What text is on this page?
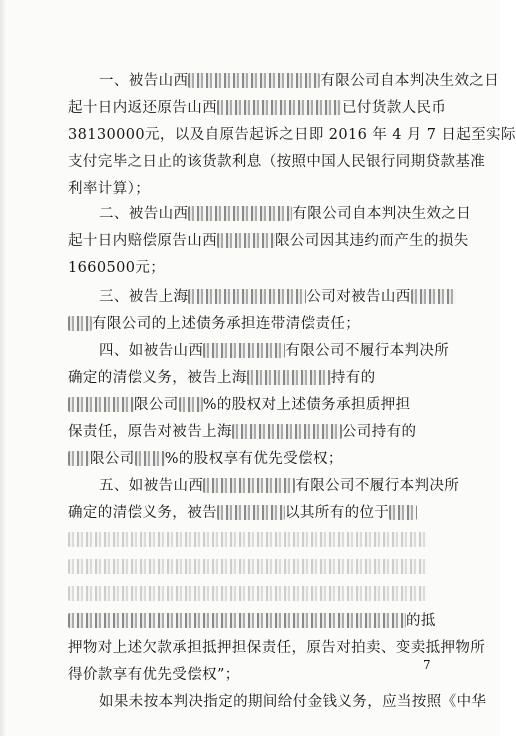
一、被告山西	有限公司自本判决生效之日
起十日内返还原告山西	已付货款人民币
38130000元，以及自原告起诉之日即 2016 年 4 月 7 日起至实际
支付完毕之日止的该货款利息（按照中国人民银行同期贷款基准
利率计算）；
二、被告山西	有限公司自本判决生效之日
起十日内赔偿原告山西	限公司因其违约而产生的损失
1660500元；
三、被告上海	公司对被告山西
有限公司的上述债务承担连带清偿责任；
四、如被告山西	有限公司不履行本判决所
确定的清偿义务，被告上海	持有的
限公司 %的股权对上述债务承担质押担
保责任，原告对被告上海	公司持有的
限公司 %的股权享有优先受偿权；
五、如被告山西	有限公司不履行本判决所
确定的清偿义务，被告	以其所有的位于
的抵
押物对上述欠款承担抵押担保责任，原告对拍卖、变卖抵押物所
得价款享有优先受偿权”；
如果未按本判决指定的期间给付金钱义务，应当按照《中华
7
